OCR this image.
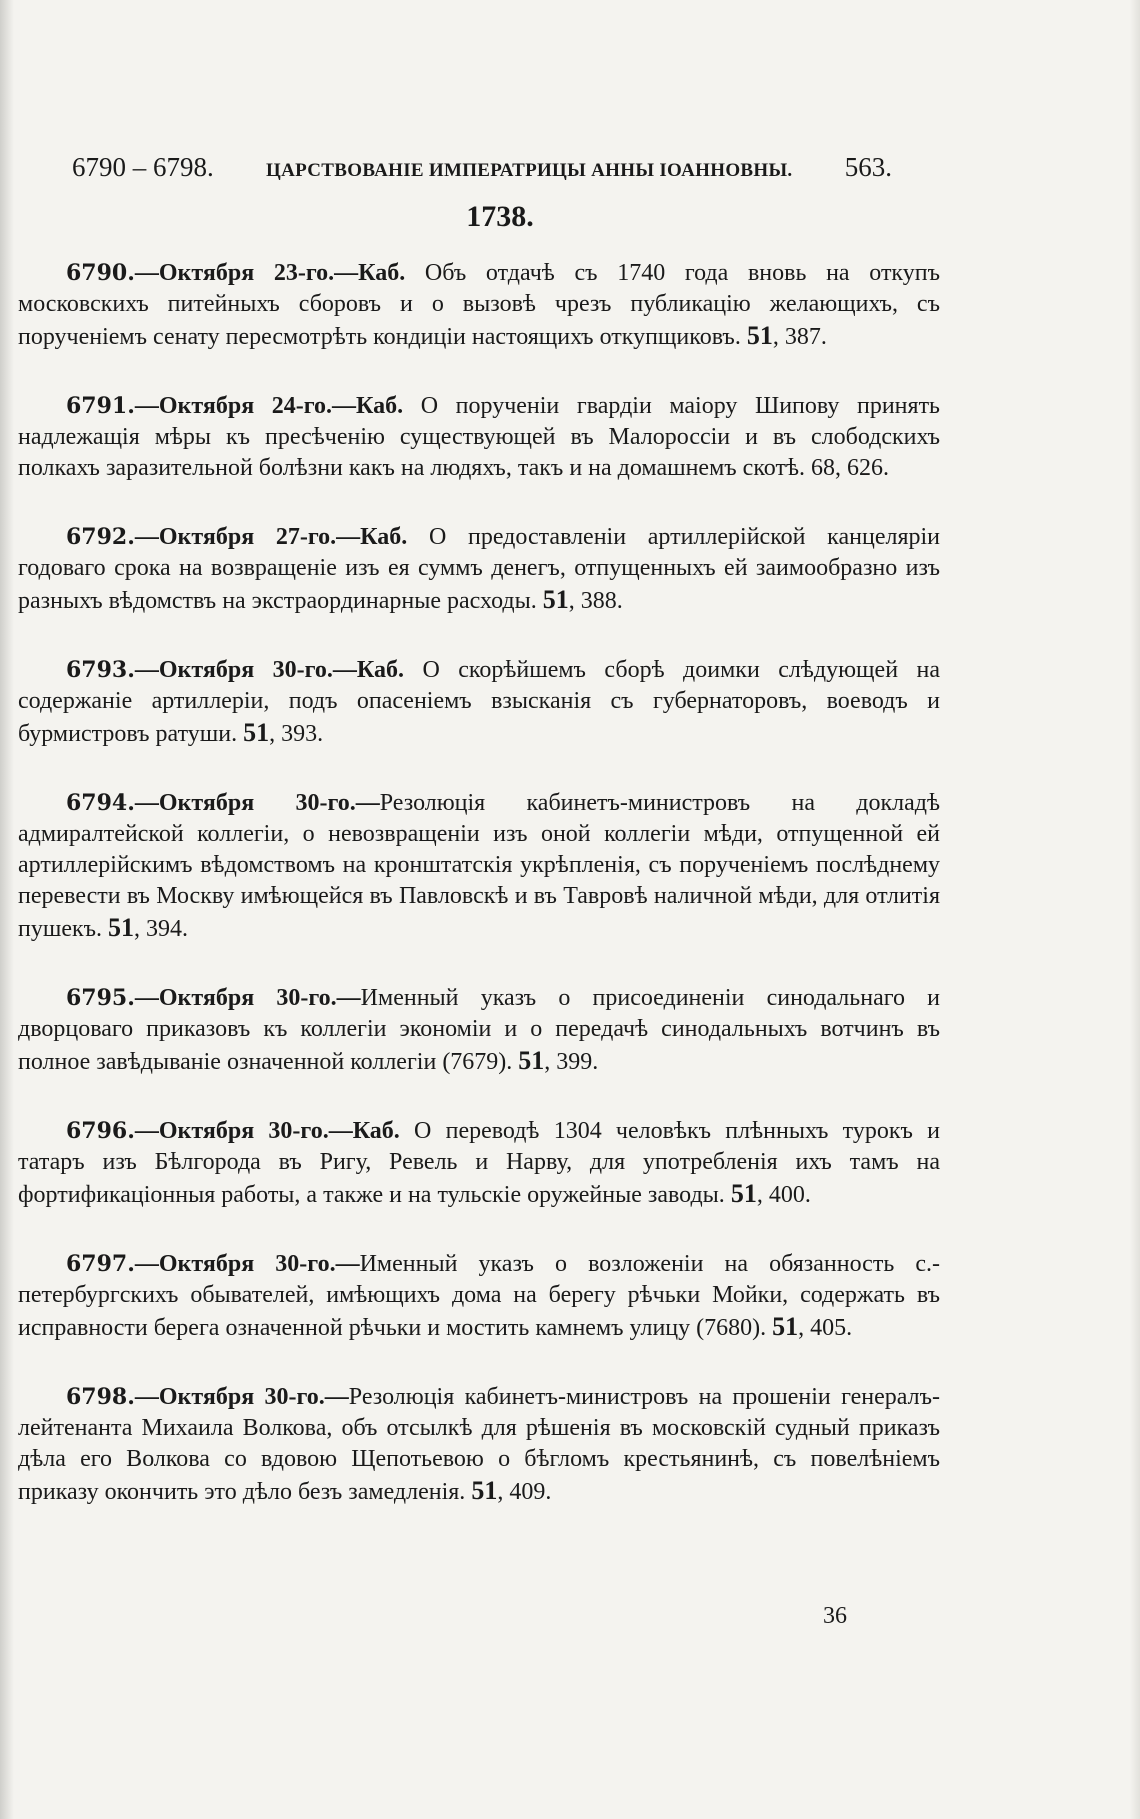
6790 – 6798.	ЦАРСТВОВАНІЕ ИМПЕРАТРИЦЫ АННЫ ІОАННОВНЫ. 563.
1738.

6790.—Октября 23-го.—Каб. Объ отдачѣ съ 1740 года вновь на откупъ московскихъ питейныхъ сборовъ и о вызовѣ чрезъ публикацію желающихъ, съ порученіемъ сенату пересмотрѣть кондиціи настоящихъ откупщиковъ. 51, 387.

6791.—Октября 24-го.—Каб. О порученіи гвардіи маіору Шипову принять надлежащія мѣры къ пресѣченію существующей въ Малороссіи и въ слободскихъ полкахъ заразительной болѣзни какъ на людяхъ, такъ и на домашнемъ скотѣ. 68, 626.

6792.—Октября 27-го.—Каб. О предоставленіи артиллерійской канцеляріи годоваго срока на возвращеніе изъ ея суммъ денегъ, отпущенныхъ ей заимообразно изъ разныхъ вѣдомствъ на экстраординарные расходы. 51, 388.

6793.—Октября 30-го.—Каб. О скорѣйшемъ сборѣ доимки слѣдующей на содержаніе артиллеріи, подъ опасеніемъ взысканія съ губернаторовъ, воеводъ и бурмистровъ ратуши. 51, 393.

6794.—Октября 30-го.—Резолюція кабинетъ-министровъ на докладѣ адмиралтейской коллегіи, о невозвращеніи изъ оной коллегіи мѣди, отпущенной ей артиллерійскимъ вѣдомствомъ на кронштатскія укрѣпленія, съ порученіемъ послѣднему перевести въ Москву имѣющейся въ Павловскѣ и въ Тавровѣ наличной мѣди, для отлитія пушекъ. 51, 394.

6795.—Октября 30-го.—Именный указъ о присоединеніи синодальнаго и дворцоваго приказовъ къ коллегіи экономіи и о передачѣ синодальныхъ вотчинъ въ полное завѣдываніе означенной коллегіи (7679). 51, 399.

6796.—Октября 30-го.—Каб. О переводѣ 1304 человѣкъ плѣнныхъ турокъ и татаръ изъ Бѣлгорода въ Ригу, Ревель и Нарву, для употребленія ихъ тамъ на фортификаціонныя работы, а также и на тульскіе оружейные заводы. 51, 400.

6797.—Октября 30-го.—Именный указъ о возложеніи на обязанность с.-петербургскихъ обывателей, имѣющихъ дома на берегу рѣчьки Мойки, содержать въ исправности берега означенной рѣчьки и мостить камнемъ улицу (7680). 51, 405.

6798.—Октября 30-го.—Резолюція кабинетъ-министровъ на прошеніи генералъ-лейтенанта Михаила Волкова, объ отсылкѣ для рѣшенія въ московскій судный приказъ дѣла его Волкова со вдовою Щепотьевою о бѣгломъ крестьянинѣ, съ повелѣніемъ приказу окончить это дѣло безъ замедленія. 51, 409.

36
